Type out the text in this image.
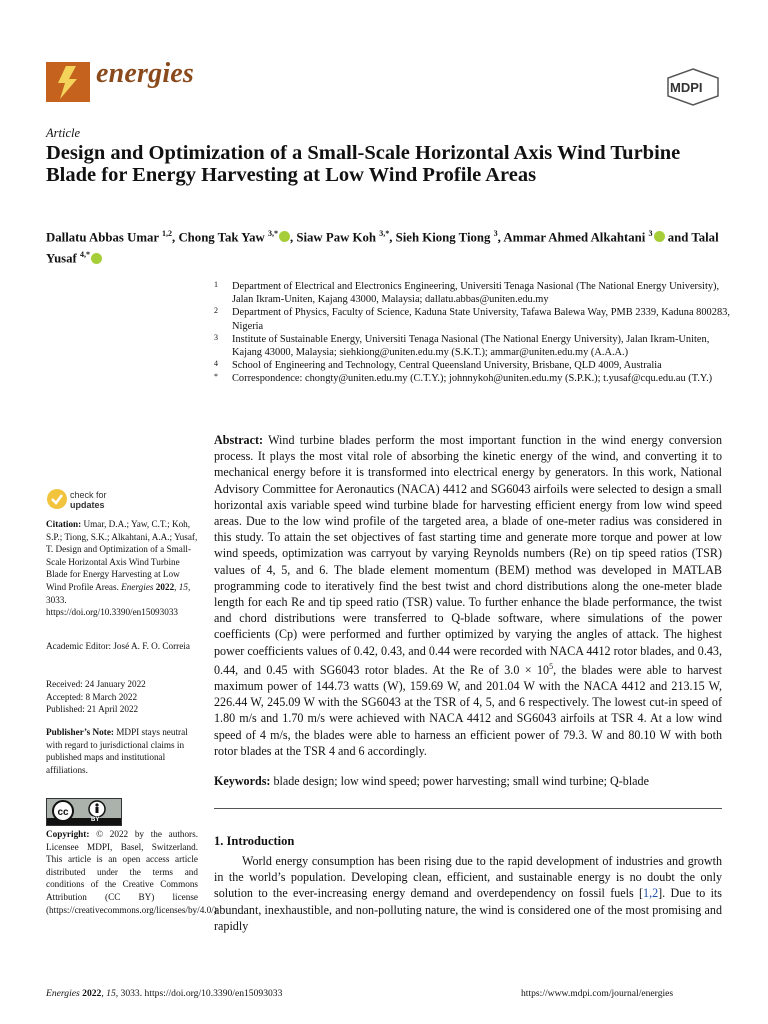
energies	MDPI
Article
Design and Optimization of a Small-Scale Horizontal Axis Wind Turbine Blade for Energy Harvesting at Low Wind Profile Areas
Dallatu Abbas Umar $^{1,2}$, Chong Tak Yaw $^{3,*}$ , Siaw Paw Koh $^{3,*}$, Sieh Kiong Tiong $^3$, Ammar Ahmed Alkahtani $^3$ and Talal Yusaf $^{4,*}$
1 Department of Electrical and Electronics Engineering, Universiti Tenaga Nasional (The National Energy University), Jalan Ikram-Uniten, Kajang 43000, Malaysia; dallatu.abbas@uniten.edu.my
2 Department of Physics, Faculty of Science, Kaduna State University, Tafawa Balewa Way, PMB 2339, Kaduna 800283, Nigeria
3 Institute of Sustainable Energy, Universiti Tenaga Nasional (The National Energy University), Jalan Ikram-Uniten, Kajang 43000, Malaysia; siehkiong@uniten.edu.my (S.K.T.); ammar@uniten.edu.my (A.A.A.)
4 School of Engineering and Technology, Central Queensland University, Brisbane, QLD 4009, Australia
* Correspondence: chongty@uniten.edu.my (C.T.Y.); johnnykoh@uniten.edu.my (S.P.K.); t.yusaf@cqu.edu.au (T.Y.)
Abstract: Wind turbine blades perform the most important function in the wind energy conversion process. It plays the most vital role of absorbing the kinetic energy of the wind, and converting it to mechanical energy before it is transformed into electrical energy by generators. In this work, National Advisory Committee for Aeronautics (NACA) 4412 and SG6043 airfoils were selected to design a small horizontal axis variable speed wind turbine blade for harvesting efficient energy from low wind speed areas. Due to the low wind profile of the targeted area, a blade of one-meter radius was considered in this study. To attain the set objectives of fast starting time and generate more torque and power at low wind speeds, optimization was carryout by varying Reynolds numbers (Re) on tip speed ratios (TSR) values of 4, 5, and 6. The blade element momentum (BEM) method was developed in MATLAB programming code to iteratively find the best twist and chord distributions along the one-meter blade length for each Re and tip speed ratio (TSR) value. To further enhance the blade performance, the twist and chord distributions were transferred to Q-blade software, where simulations of the power coefficients (Cp) were performed and further optimized by varying the angles of attack. The highest power coefficients values of 0.42, 0.43, and 0.44 were recorded with NACA 4412 rotor blades, and 0.43, 0.44, and 0.45 with SG6043 rotor blades. At the Re of $3.0 \times 10^5$, the blades were able to harvest maximum power of 144.73 watts (W), 159.69 W, and 201.04 W with the NACA 4412 and 213.15 W, 226.44 W, 245.09 W with the SG6043 at the TSR of 4, 5, and 6 respectively. The lowest cut-in speed of 1.80 m/s and 1.70 m/s were achieved with NACA 4412 and SG6043 airfoils at TSR 4. At a low wind speed of 4 m/s, the blades were able to harness an efficient power of 79.3. W and 80.10 W with both rotor blades at the TSR 4 and 6 accordingly.
Keywords: blade design; low wind speed; power harvesting; small wind turbine; Q-blade
1. Introduction
World energy consumption has been rising due to the rapid development of industries and growth in the world’s population. Developing clean, efficient, and sustainable energy is no doubt the only solution to the ever-increasing energy demand and overdependency on fossil fuels [1,2]. Due to its abundant, inexhaustible, and non-polluting nature, the wind is considered one of the most promising and rapidly
check for
updates
Citation: Umar, D.A.; Yaw, C.T.; Koh, S.P.; Tiong, S.K.; Alkahtani, A.A.; Yusaf, T. Design and Optimization of a Small-Scale Horizontal Axis Wind Turbine Blade for Energy Harvesting at Low Wind Profile Areas. Energies 2022, 15, 3033. https://doi.org/10.3390/en15093033
Academic Editor: José A. F. O. Correia
Received: 24 January 2022
Accepted: 8 March 2022
Published: 21 April 2022
Publisher’s Note: MDPI stays neutral with regard to jurisdictional claims in published maps and institutional affiliations.
cc
BY
Copyright: © 2022 by the authors. Licensee MDPI, Basel, Switzerland. This article is an open access article distributed under the terms and conditions of the Creative Commons Attribution (CC BY) license (https://creativecommons.org/licenses/by/4.0/).
Energies 2022, 15, 3033. https://doi.org/10.3390/en15093033	https://www.mdpi.com/journal/energies
